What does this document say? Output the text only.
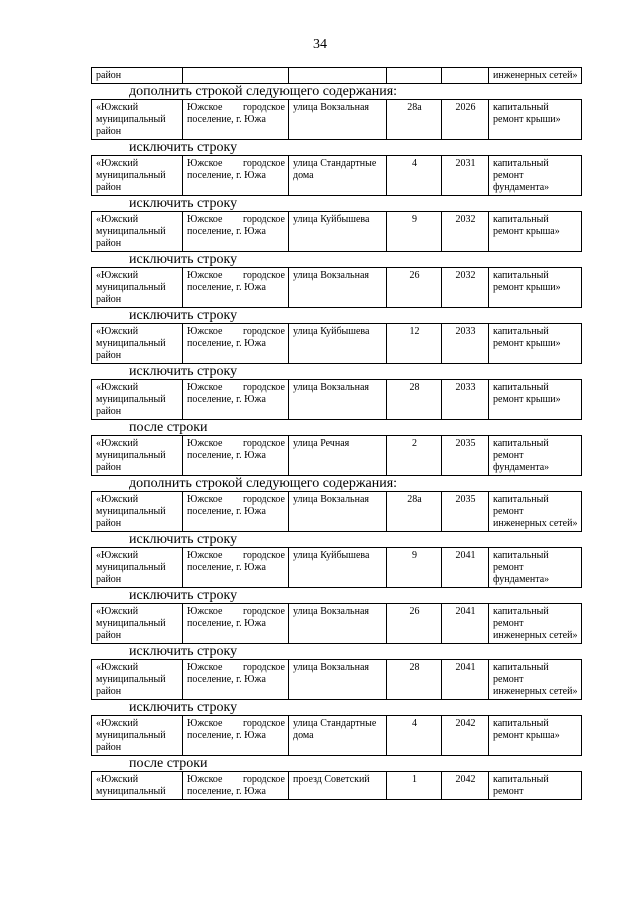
34
район					инженерных сетей»
дополнить строкой следующего содержания:
«Южский муниципальный район	Южское городское поселение, г. Южа	улица Вокзальная	28а	2026	капитальный ремонт крыши»
исключить строку
«Южский муниципальный район	Южское городское поселение, г. Южа	улица Стандартные дома	4	2031	капитальный ремонт фундамента»
исключить строку
«Южский муниципальный район	Южское городское поселение, г. Южа	улица Куйбышева	9	2032	капитальный ремонт крыша»
исключить строку
«Южский муниципальный район	Южское городское поселение, г. Южа	улица Вокзальная	26	2032	капитальный ремонт крыши»
исключить строку
«Южский муниципальный район	Южское городское поселение, г. Южа	улица Куйбышева	12	2033	капитальный ремонт крыши»
исключить строку
«Южский муниципальный район	Южское городское поселение, г. Южа	улица Вокзальная	28	2033	капитальный ремонт крыши»
после строки
«Южский муниципальный район	Южское городское поселение, г. Южа	улица Речная	2	2035	капитальный ремонт фундамента»
дополнить строкой следующего содержания:
«Южский муниципальный район	Южское городское поселение, г. Южа	улица Вокзальная	28а	2035	капитальный ремонт инженерных сетей»
исключить строку
«Южский муниципальный район	Южское городское поселение, г. Южа	улица Куйбышева	9	2041	капитальный ремонт фундамента»
исключить строку
«Южский муниципальный район	Южское городское поселение, г. Южа	улица Вокзальная	26	2041	капитальный ремонт инженерных сетей»
исключить строку
«Южский муниципальный район	Южское городское поселение, г. Южа	улица Вокзальная	28	2041	капитальный ремонт инженерных сетей»
исключить строку
«Южский муниципальный район	Южское городское поселение, г. Южа	улица Стандартные дома	4	2042	капитальный ремонт крыша»
после строки
«Южский муниципальный	Южское городское поселение, г. Южа	проезд Советский	1	2042	капитальный ремонт
